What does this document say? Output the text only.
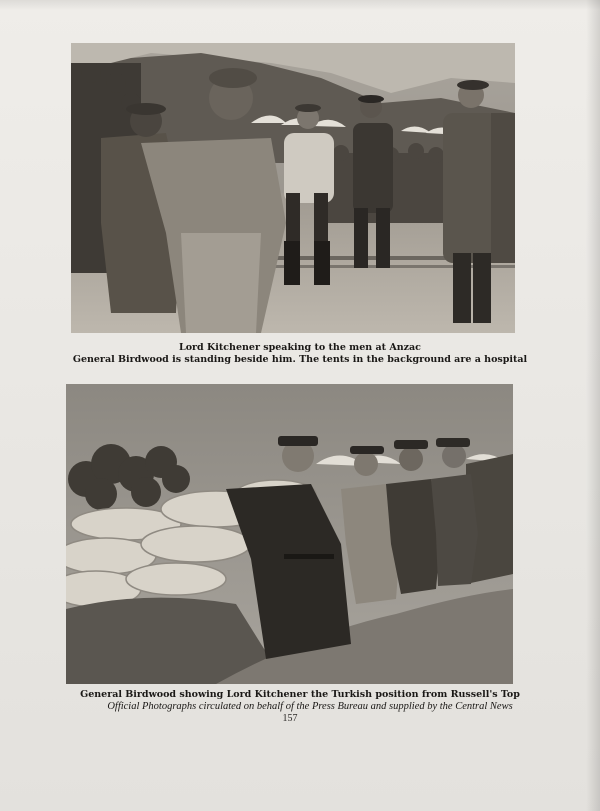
Lord Kitchener speaking to the men at Anzac
General Birdwood is standing beside him. The tents in the background are a hospital
General Birdwood showing Lord Kitchener the Turkish position from Russell's Top
Official Photographs circulated on behalf of the Press Bureau and supplied by the Central News
157
